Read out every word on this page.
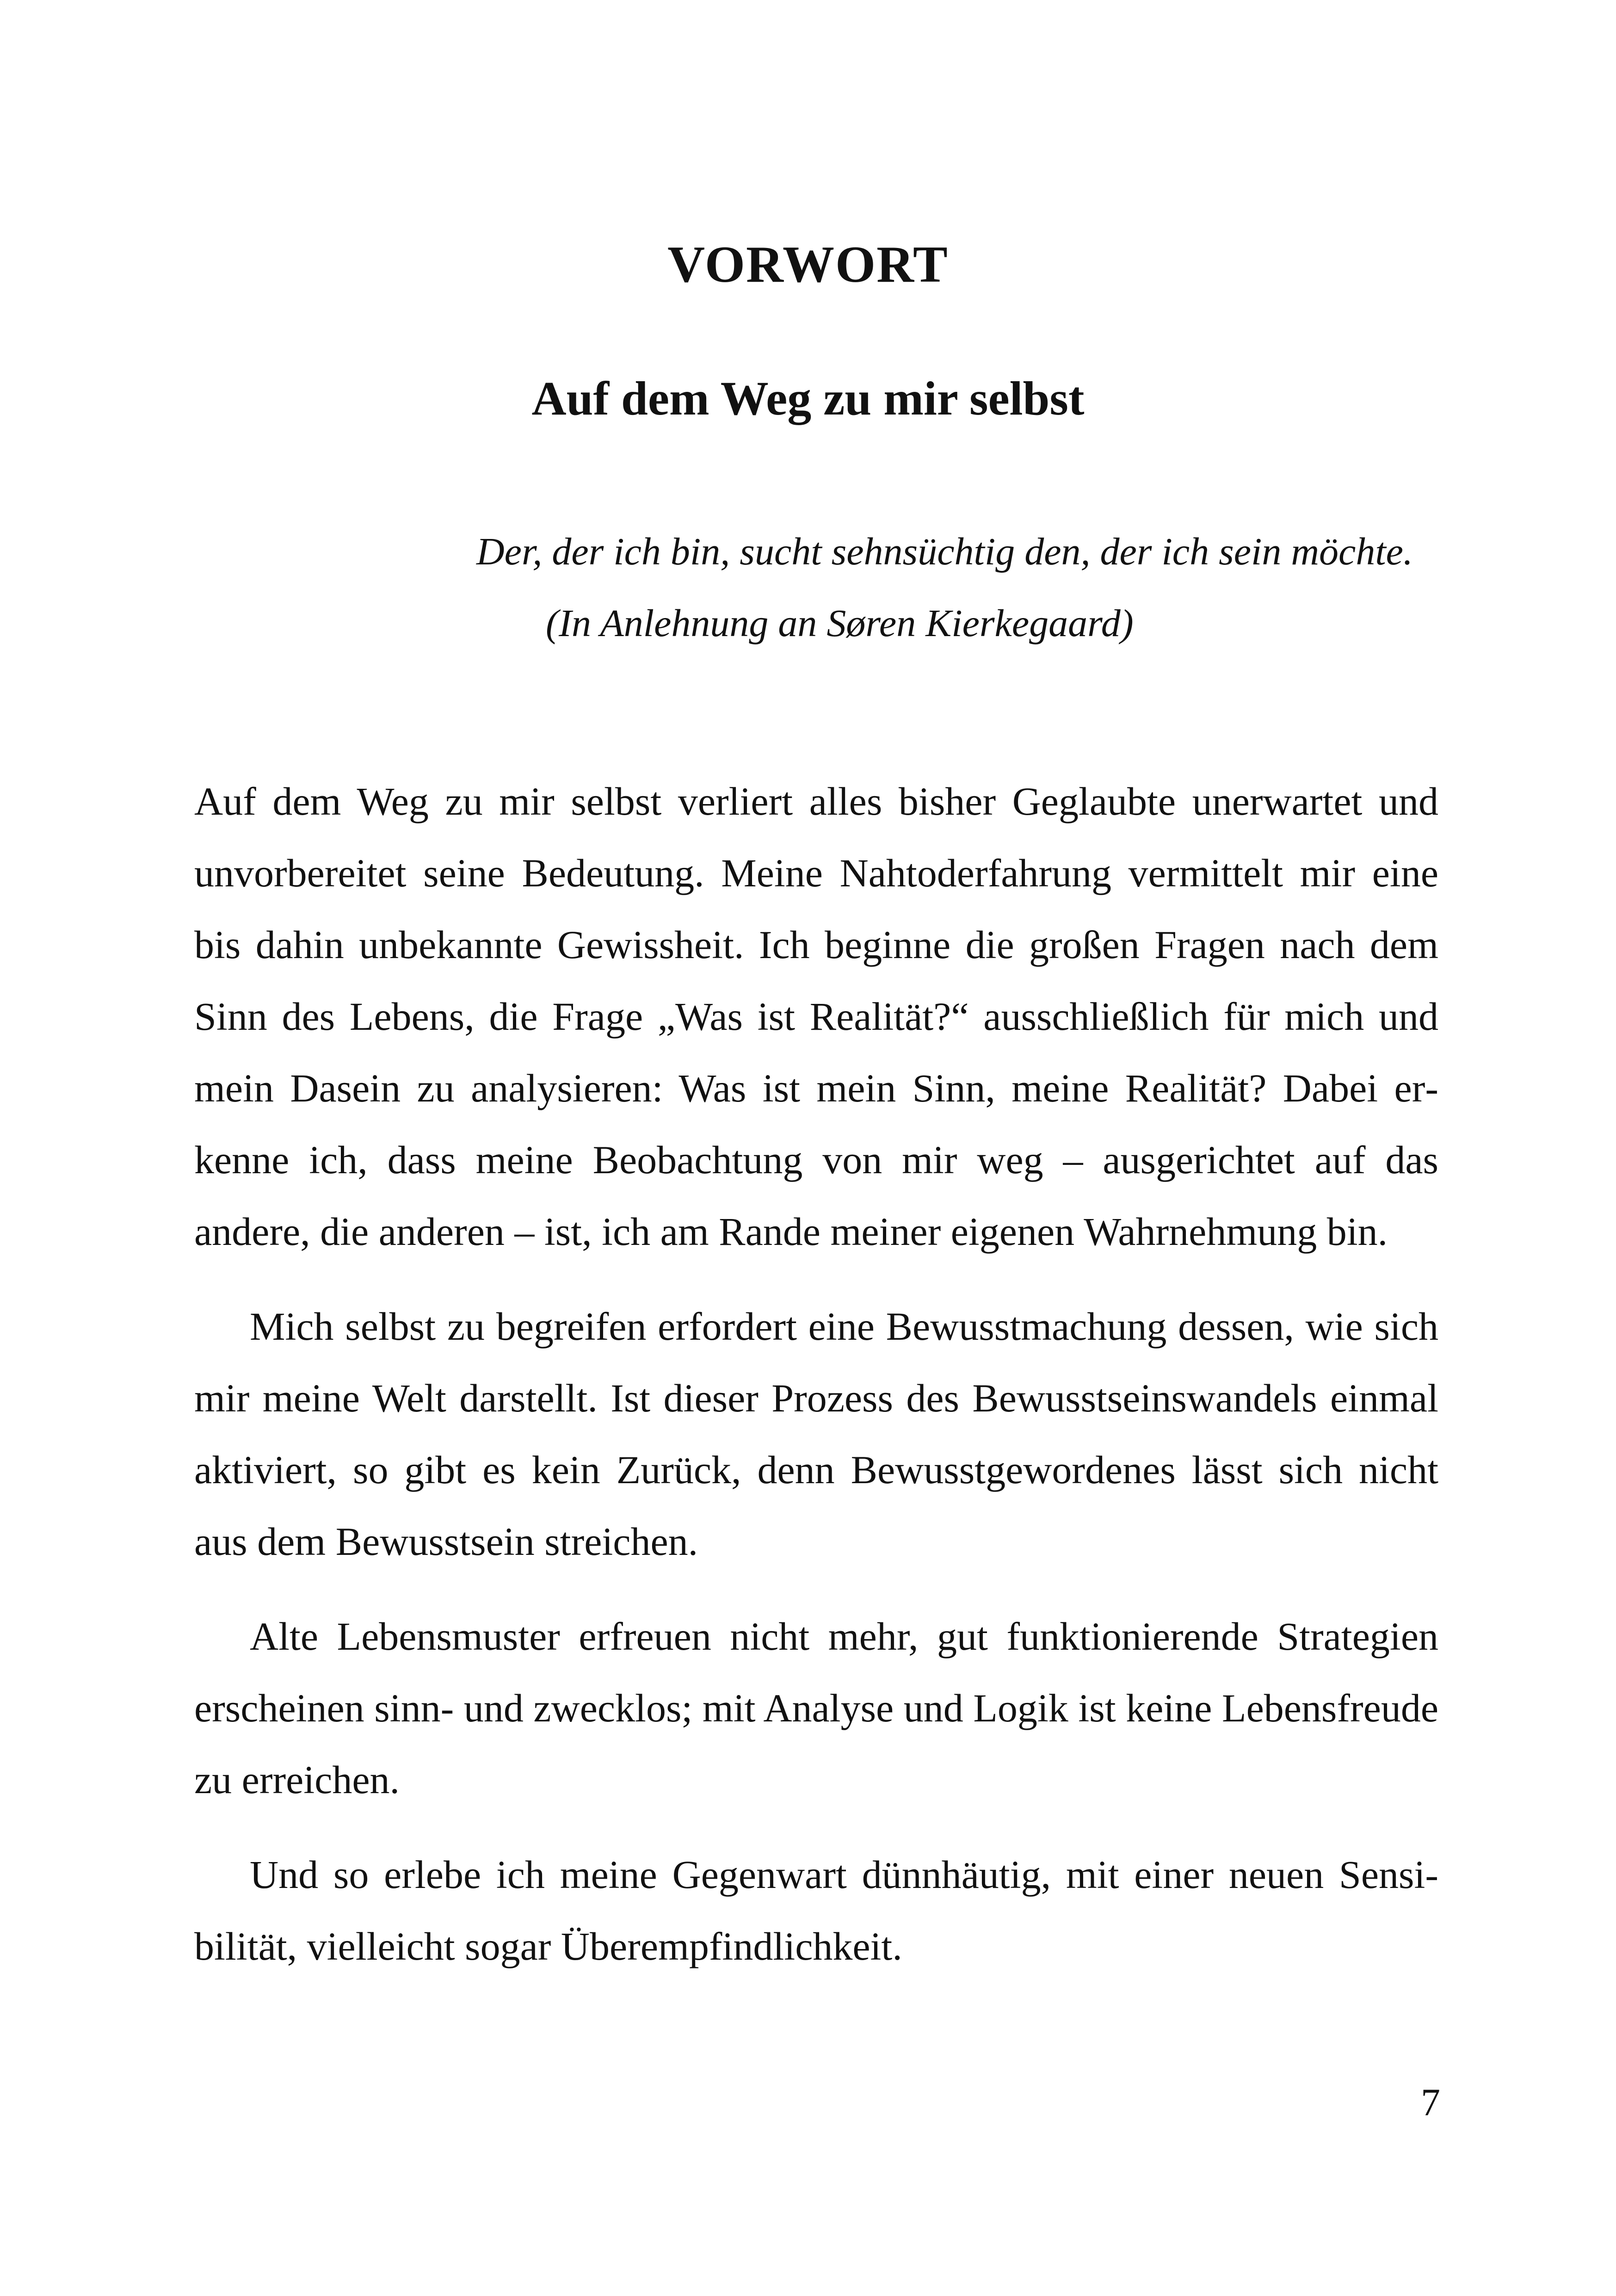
VORWORT
Auf dem Weg zu mir selbst
Der, der ich bin, sucht sehnsüchtig den, der ich sein möchte.
(In Anlehnung an Søren Kierkegaard)

Auf dem Weg zu mir selbst verliert alles bisher Geglaubte unerwartet und unvorbereitet seine Bedeutung. Meine Nahtoderfahrung vermittelt mir eine bis dahin unbekannte Gewissheit. Ich beginne die großen Fragen nach dem Sinn des Lebens, die Frage „Was ist Realität?“ ausschließlich für mich und mein Dasein zu analysieren: Was ist mein Sinn, meine Realität? Dabei erkenne ich, dass meine Beobachtung von mir weg – ausgerichtet auf das andere, die anderen – ist, ich am Rande meiner eigenen Wahrnehmung bin.

Mich selbst zu begreifen erfordert eine Bewusstmachung dessen, wie sich mir meine Welt darstellt. Ist dieser Prozess des Bewusstseinswandels einmal aktiviert, so gibt es kein Zurück, denn Bewusstgewordenes lässt sich nicht aus dem Bewusstsein streichen.

Alte Lebensmuster erfreuen nicht mehr, gut funktionierende Strategien erscheinen sinn- und zwecklos; mit Analyse und Logik ist keine Lebensfreude zu erreichen.

Und so erlebe ich meine Gegenwart dünnhäutig, mit einer neuen Sensibilität, vielleicht sogar Überempfindlichkeit.

7
